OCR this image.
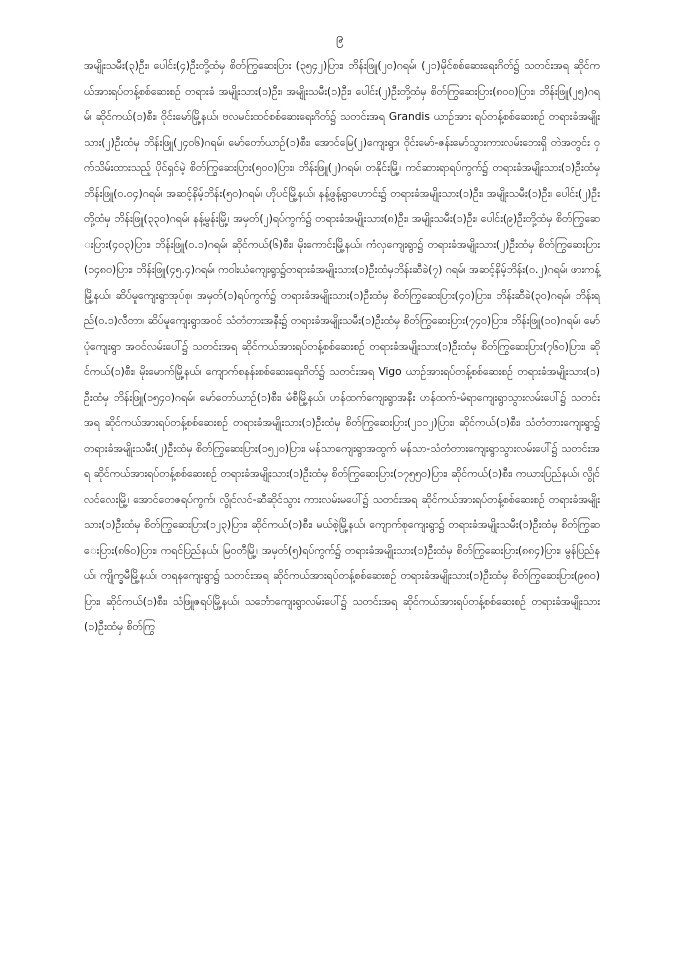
၉

အမျိုးသမီး(၃)ဦး၊ ပေါင်း(၄)ဦးတို့ထံမှ စိတ်ကြွဆေးပြား (၃၅၄၂)ပြား၊ ဘိန်းဖြူ(၂၀)ဂရမ်၊ (၂၁)မိုင်စစ်ဆေးရေးဂိတ်၌ သတင်းအရ ဆိုင်ကယ်အားရပ်တန့်စစ်ဆေးစဉ် တရားခံ အမျိုးသား(၁)ဦး၊ အမျိုးသမီး(၁)ဦး၊ ပေါင်း(၂)ဦးတို့ထံမှ စိတ်ကြွဆေးပြား(၈၀၀)ပြား၊ ဘိန်းဖြူ(၂၅)ဂရမ်၊ ဆိုင်ကယ်(၁)စီး၊ ဝိုင်းမော်မြို့နယ်၊ ဗလမင်းထင်စစ်ဆေးရေးဂိတ်၌ သတင်းအရ Grandis ယာဉ်အား ရပ်တန့်စစ်ဆေးစဉ် တရားခံအမျိုးသား(၂)ဦးထံမှ ဘိန်းဖြူ(၂၄၀၆)ဂရမ်၊ မော်တော်ယာဉ်(၁)စီး၊ အောင်မြေ(၂)ကျေးရွာ၊ ဝိုင်းမော်-ဇန်းမော်သွားကားလမ်းဘေးရှိ တဲအတွင်း ဝှက်သိမ်းထားသည့် ပိုင်ရှင်မဲ့ စိတ်ကြွဆေးပြား(၅၀၀)ပြား၊ ဘိန်းဖြူ(၂)ဂရမ်၊ တနိုင်းမြို့၊ ကင်ဆားရာရပ်ကွက်၌ တရားခံအမျိုးသား(၁)ဦးထံမှ ဘိန်းဖြူ(၀.၀၄)ဂရမ်၊ အဆင့်နိမ့်ဘိန်း(၅၀)ဂရမ်၊ ဟိုပင်မြို့နယ်၊ နန့်ဖွန့်ရွာဟောင်း၌ တရားခံအမျိုးသား(၁)ဦး၊ အမျိုးသမီး(၁)ဦး၊ ပေါင်း(၂)ဦးတို့ထံမှ ဘိန်းဖြူ(၃၃၀)ဂရမ်၊ နန့်မွန်းမြို့၊ အမှတ်(၂)ရပ်ကွက်၌ တရားခံအမျိုးသား(၈)ဦး၊ အမျိုးသမီး(၁)ဦး၊ ပေါင်း(၉)ဦးတို့ထံမှ စိတ်ကြွဆေးပြား(၄၀၃)ပြား၊ ဘိန်းဖြူ(၀.၁)ဂရမ်၊ ဆိုင်ကယ်(၆)စီး၊ မိုးကောင်းမြို့နယ်၊ ကံလှကျေးရွာ၌ တရားခံအမျိုးသား(၂)ဦးထံမှ စိတ်ကြွဆေးပြား(၁၄၈၀)ပြား၊ ဘိန်းဖြူ(၄၅.၄)ဂရမ်၊ ကဝါးယံကျေးရွာ၌တရားခံအမျိုးသား(၁)ဦးထံမှဘိန်းဆီခဲ(၇) ဂရမ်၊ အဆင့်နိမ့်ဘိန်း(၀.၂)ဂရမ်၊ ဖားကန့်မြို့နယ်၊ ဆိပ်မူကျေးရွာအုပ်စု၊ အမှတ်(၁)ရပ်ကွက်၌ တရားခံအမျိုးသား(၁)ဦးထံမှ စိတ်ကြွဆေးပြား(၄၀)ပြား၊ ဘိန်းဆီခဲ(၃၀)ဂရမ်၊ ဘိန်းရည်(၀.၁)လီတာ၊ ဆိပ်မူကျေးရွာအဝင် သံတံတားအနီး၌ တရားခံအမျိုးသမီး(၁)ဦးထံမှ စိတ်ကြွဆေးပြား(၇၄၀)ပြား၊ ဘိန်းဖြူ(၁၀)ဂရမ်၊ မော်ပုံကျေးရွာ အဝင်လမ်းပေါ်၌ သတင်းအရ ဆိုင်ကယ်အားရပ်တန့်စစ်ဆေးစဉ် တရားခံအမျိုးသား(၁)ဦးထံမှ စိတ်ကြွဆေးပြား(၇၆၀)ပြား၊ ဆိုင်ကယ်(၁)စီး၊ မိုးမောက်မြို့နယ်၊ ကျောက်စနန်းစစ်ဆေးရေးဂိတ်၌ သတင်းအရ Vigo ယာဉ်အားရပ်တန့်စစ်ဆေးစဉ် တရားခံအမျိုးသား(၁)ဦးထံမှ ဘိန်းဖြူ(၁၅၄၀)ဂရမ်၊ မော်တော်ယာဉ်(၁)စီး၊ မံစီမြို့နယ်၊ ဟန်ထက်ကျေးရွာအနီး ဟန်ထက်-မံရာကျေးရွာသွားလမ်းပေါ်၌ သတင်းအရ ဆိုင်ကယ်အားရပ်တန့်စစ်ဆေးစဉ် တရားခံအမျိုးသား(၁)ဦးထံမှ စိတ်ကြွဆေးပြား(၂၁၁၂)ပြား၊ ဆိုင်ကယ်(၁)စီး၊ သံတံတားကျေးရွာ၌ တရားခံအမျိုးသမီး(၂)ဦးထံမှ စိတ်ကြွဆေးပြား(၁၅၂၀)ပြား၊ မန်သာကျေးရွာအထွက် မန်သာ-သံတံတားကျေးရွာသွားလမ်းပေါ်၌ သတင်းအရ ဆိုင်ကယ်အားရပ်တန့်စစ်ဆေးစဉ် တရားခံအမျိုးသား(၁)ဦးထံမှ စိတ်ကြွဆေးပြား(၁၇၅၅၀)ပြား၊ ဆိုင်ကယ်(၁)စီး၊ ကယားပြည်နယ်၊ လွိုင်လင်လေးမြို့၊ အောင်တေဇရပ်ကွက်၊ လွိုင်လင်-ဆီဆိုင်သွား ကားလမ်းမပေါ်၌ သတင်းအရ ဆိုင်ကယ်အားရပ်တန့်စစ်ဆေးစဉ် တရားခံအမျိုးသား(၁)ဦးထံမှ စိတ်ကြွဆေးပြား(၁၂၃)ပြား၊ ဆိုင်ကယ်(၁)စီး၊ မယ်စဲ့မြို့နယ်၊ ကျောက်စုကျေးရွာ၌ တရားခံအမျိုးသမီး(၁)ဦးထံမှ စိတ်ကြွဆေးပြား(၈၆၀)ပြား၊ ကရင်ပြည်နယ်၊ မြဝတီမြို့၊ အမှတ်(၅)ရပ်ကွက်၌ တရားခံအမျိုးသား(၁)ဦးထံမှ စိတ်ကြွဆေးပြား(၈၈၄)ပြား၊ မွန်ပြည်နယ်၊ ကျိုက္ခမီမြို့နယ်၊ တရနကျေးရွာ၌ သတင်းအရ ဆိုင်ကယ်အားရပ်တန့်စစ်ဆေးစဉ် တရားခံအမျိုးသား(၁)ဦးထံမှ စိတ်ကြွဆေးပြား(၉၈၀)ပြား၊ ဆိုင်ကယ်(၁)စီး၊ သံဖြူဇရပ်မြို့နယ်၊ သင်္ဘောကျေးရွာလမ်းပေါ်၌ သတင်းအရ ဆိုင်ကယ်အားရပ်တန့်စစ်ဆေးစဉ် တရားခံအမျိုးသား(၁)ဦးထံမှ စိတ်ကြွ
